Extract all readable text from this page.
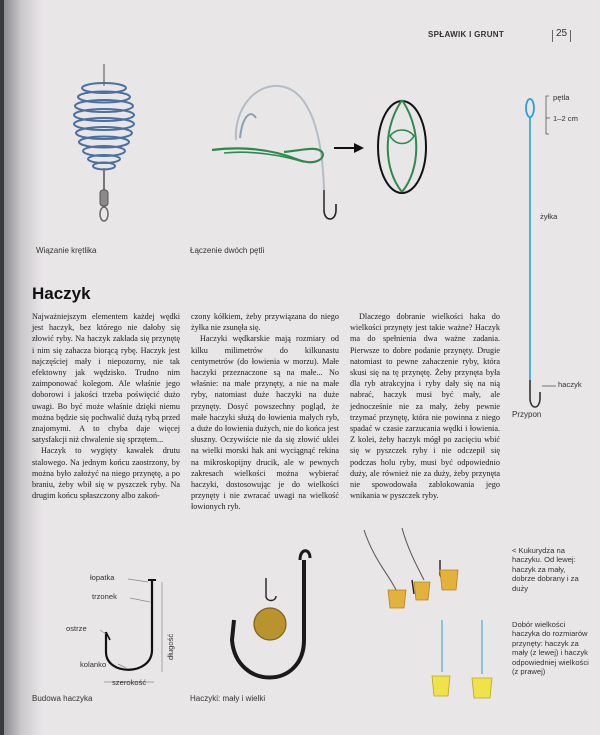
SPŁAWIK I GRUNT	25
Wiązanie krętlika	Łączenie dwóch pętli
pętla
1–2 cm
żyłka
haczyk
Przypon
Haczyk

Najważniejszym elementem każdej wędki jest haczyk, bez którego nie dałoby się złowić ryby. Na haczyk zakłada się przynętę i nim się zahacza biorącą rybę. Haczyk jest najczęściej mały i niepozorny, nie tak efektowny jak wędzisko. Trudno nim zaimponować kolegom. Ale właśnie jego doborowi i jakości trzeba poświęcić dużo uwagi. Bo być może właśnie dzięki niemu można będzie się pochwalić dużą rybą przed znajomymi. A to chyba daje więcej satysfakcji niż chwalenie się sprzętem...

Haczyk to wygięty kawałek drutu stalowego. Na jednym końcu zaostrzony, by można było założyć na niego przynętę, a po braniu, żeby wbił się w pyszczek ryby. Na drugim końcu spłaszczony albo zakoń-

czony kółkiem, żeby przywiązana do niego żyłka nie zsunęła się.

Haczyki wędkarskie mają rozmiary od kilku milimetrów do kilkunastu centymetrów (do łowienia w morzu). Małe haczyki przeznaczone są na małe... No właśnie: na małe przynęty, a nie na małe ryby, natomiast duże haczyki na duże przynęty. Dosyć powszechny pogląd, że małe haczyki służą do łowienia małych ryb, a duże do łowienia dużych, nie do końca jest słuszny. Oczywiście nie da się złowić uklei na wielki morski hak ani wyciągnąć rekina na mikroskopijny drucik, ale w pewnych zakresach wielkości można wybierać haczyki, dostosowując je do wielkości przynęty i nie zwracać uwagi na wielkość łowionych ryb.

Dlaczego dobranie wielkości haka do wielkości przynęty jest takie ważne? Haczyk ma do spełnienia dwa ważne zadania. Pierwsze to dobre podanie przynęty. Drugie natomiast to pewne zahaczenie ryby, która skusi się na tę przynętę. Żeby przynęta była dla ryb atrakcyjna i ryby dały się na nią nabrać, haczyk musi być mały, ale jednocześnie nie za mały, żeby pewnie trzymać przynętę, która nie powinna z niego spadać w czasie zarzucania wędki i łowienia. Z kolei, żeby haczyk mógł po zacięciu wbić się w pyszczek ryby i nie odczepił się podczas holu ryby, musi być odpowiednio duży, ale również nie za duży, żeby przynęta nie spowodowała zablokowania jego wnikania w pyszczek ryby.

< Kukurydza na haczyku. Od lewej: haczyk za mały, dobrze dobrany i za duży
Dobór wielkości haczyka do rozmiarów przynęty: haczyk za mały (z lewej) i haczyk odpowiedniej wielkości (z prawej)
łopatka
trzonek
ostrze
kolanko
długość
szerokość
Budowa haczyka	Haczyki: mały i wielki
